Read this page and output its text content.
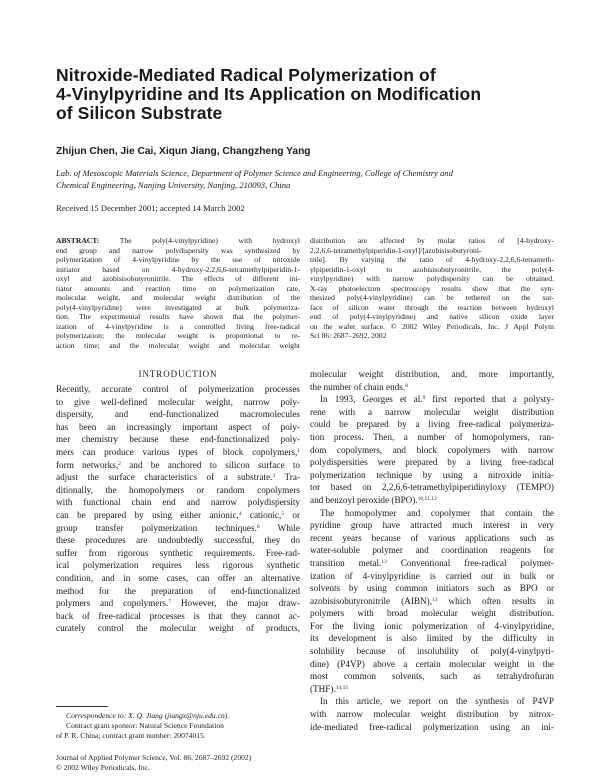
Nitroxide-Mediated Radical Polymerization of
4-Vinylpyridine and Its Application on Modification
of Silicon Substrate
Zhijun Chen, Jie Cai, Xiqun Jiang, Changzheng Yang
Lab. of Mesoscopic Materials Science, Department of Polymer Science and Engineering, College of Chemistry and
Chemical Engineering, Nanjing University, Nanjing, 210093, China
Received 15 December 2001; accepted 14 March 2002
ABSTRACT:	The poly(4-vinylpyridine) with hydroxyl
end group and narrow polydispersity was synthesized by
polymerization of 4-vinylpyridine by the use of nitroxide
initiator based on 4-hydroxy-2,2,6,6-tetramethylpiperidin-1-
oxyl and azobisisobutyronitrile. The effects of different ini-
tiator amounts and reaction time on polymerization rate,
molecular weight, and molecular weight distribution of the
poly(4-vinylpyridine) were investigated at bulk polymeriza-
tion. The experimental results have shown that the polymer-
ization of 4-vinylpyridine is a controlled living free-radical
polymerization; the molecular weight is proportional to re-
action time; and the molecular weight and molecular weight
distribution are affected by molar ratios of [4-hydroxy-
2,2,6,6-tetramethylpiperidin-1-oxyl]/[azobisisobutyroni-
trile]. By varying the ratio of 4-hydroxy-2,2,6,6-tetrameth-
ylpiperidin-1-oxyl to azobisisobutyronitrile, the poly(4-
vinylpyridine) with narrow polydispersity can be obtained.
X-ray photoelectron spectroscopy results show that the syn-
thesized poly(4-vinylpyridine) can be tethered on the sur-
face of silicon water through the reaction between hydroxyl
end of poly(4-vinylpyridine) and native silicon oxide layer
on the wafer surface. © 2002 Wiley Periodicals, Inc. J Appl Polym
Sci 86: 2687–2692, 2002
INTRODUCTION
Recently, accurate control of polymerization processes
to give well-defined molecular weight, narrow poly-
dispersity, and end-functionalized macromolecules
has been an increasingly important aspect of poly-
mer chemistry because these end-functionalized poly-
mers can produce various types of block copolymers,$^1$
form networks,$^2$ and be anchored to silicon surface to
adjust the surface characteristics of a substrate.$^3$ Tra-
ditionally, the homopolymers or random copolymers
with functional chain end and narrow polydispersity
can be prepared by using either anionic,$^4$ cationic,$^5$ or
group transfer polymerization techniques.$^6$ While
these procedures are undoubtedly successful, they do
suffer from rigorous synthetic requirements. Free-rad-
ical polymerization requires less rigorous synthetic
condition, and in some cases, can offer an alternative
method for the preparation of end-functionalized
polymers and copolymers.$^7$ However, the major draw-
back of free-radical processes is that they cannot ac-
curately control the molecular weight of products,
molecular weight distribution, and, more importantly,
the number of chain ends.$^8$
In 1993, Georges et al.$^9$ first reported that a polysty-
rene with a narrow molecular weight distribution
could be prepared by a living free-radical polymeriza-
tion process. Then, a number of homopolymers, ran-
dom copolymers, and block copolymers with narrow
polydispersities were prepared by a living free-radical
polymerization technique by using a nitroxide initia-
tor based on 2,2,6,6-tetramethylpiperidinyloxy (TEMPO)
and benzoyl peroxide (BPO).$^{10,11,12}$
The homopolymer and copolymer that contain the
pyridine group have attracted much interest in very
recent years because of various applications such as
water-soluble polymer and coordination reagents for
transition metal.$^{13}$ Conventional free-radical polymer-
ization of 4-vinylpyridine is carried out in bulk or
solvents by using common initiators such as BPO or
azobisisobutyronitrile (AIBN),$^{13}$ which often results in
polymers with broad molecular weight distribution.
For the living ionic polymerization of 4-vinylpyridine,
its development is also limited by the difficulty in
solubility because of insolubility of poly(4-vinylpyri-
dine) (P4VP) above a certain molecular weight in the
most common solvents, such as tetrahydrofuran
(THF).$^{14,15}$
In this article, we report on the synthesis of P4VP
with narrow molecular weight distribution by nitrox-
ide-mediated free-radical polymerization using an ini-
Correspondence to: X. Q. Jiang (jiangx@nju.edu.cn).
Contract grant sponsor: Natural Science Foundation
of P. R. China; contract grant number: 20074015.
Journal of Applied Polymer Science, Vol. 86, 2687–2692 (2002)
© 2002 Wiley Periodicals, Inc.
